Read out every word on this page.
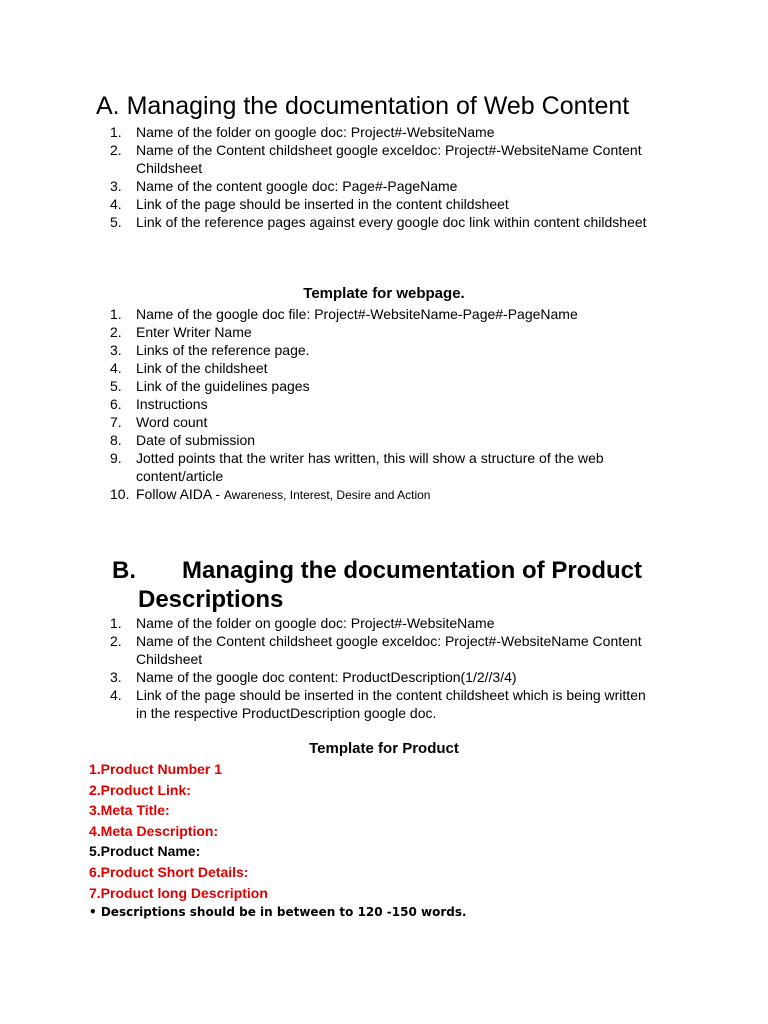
A. Managing the documentation of Web Content
1.	Name of the folder on google doc: Project#-WebsiteName
2.	Name of the Content childsheet google exceldoc: Project#-WebsiteName Content Childsheet
3.	Name of the content google doc: Page#-PageName
4.	Link of the page should be inserted in the content childsheet
5.	Link of the reference pages against every google doc link within content childsheet
Template for webpage.
1.	Name of the google doc file: Project#-WebsiteName-Page#-PageName
2.	Enter Writer Name
3.	Links of the reference page.
4.	Link of the childsheet
5.	Link of the guidelines pages
6.	Instructions
7.	Word count
8.	Date of submission
9.	Jotted points that the writer has written, this will show a structure of the web content/article
10. Follow AIDA - Awareness, Interest, Desire and Action
B. Managing the documentation of Product
Descriptions
1.	Name of the folder on google doc: Project#-WebsiteName
2.	Name of the Content childsheet google exceldoc: Project#-WebsiteName Content Childsheet
3.	Name of the google doc content: ProductDescription(1/2//3/4)
4.	Link of the page should be inserted in the content childsheet which is being written in the respective ProductDescription google doc.
Template for Product
1.Product Number 1
2.Product Link:
3.Meta Title:
4.Meta Description:
5.Product Name:
6.Product Short Details:
7.Product long Description
• Descriptions should be in between to 120 -150 words.
